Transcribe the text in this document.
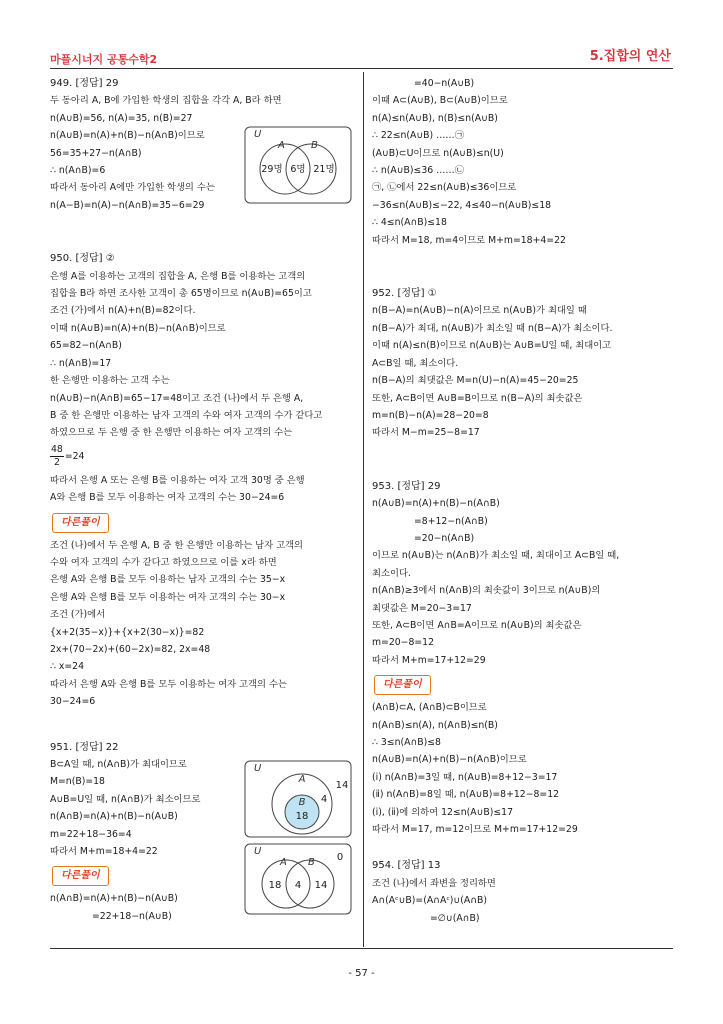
마플시너지 공통수학2	5.집합의 연산
949. [정답] 29
두 동아리 A, B에 가입한 학생의 집합을 각각 A, B라 하면
n(A∪B)=56, n(A)=35, n(B)=27
n(A∪B)=n(A)+n(B)−n(A∩B)이므로
56=35+27−n(A∩B)
∴ n(A∩B)=6
따라서 동아리 A에만 가입한 학생의 수는
n(A−B)=n(A)−n(A∩B)=35−6=29
950. [정답] ②
은행 A를 이용하는 고객의 집합을 A, 은행 B를 이용하는 고객의
집합을 B라 하면 조사한 고객이 총 65명이므로 n(A∪B)=65이고
조건 (가)에서 n(A)+n(B)=82이다.
이때 n(A∪B)=n(A)+n(B)−n(A∩B)이므로
65=82−n(A∩B)
∴ n(A∩B)=17
한 은행만 이용하는 고객 수는
n(A∪B)−n(A∩B)=65−17=48이고 조건 (나)에서 두 은행 A,
B 중 한 은행만 이용하는 남자 고객의 수와 여자 고객의 수가 같다고
하였으므로 두 은행 중 한 은행만 이용하는 여자 고객의 수는
$\frac{48}{2} =24$
따라서 은행 A 또는 은행 B를 이용하는 여자 고객 30명 중 은행
A와 은행 B를 모두 이용하는 여자 고객의 수는 30−24=6
다른풀이
조건 (나)에서 두 은행 A, B 중 한 은행만 이용하는 남자 고객의
수와 여자 고객의 수가 같다고 하였으므로 이를 x라 하면
은행 A와 은행 B를 모두 이용하는 남자 고객의 수는 35−x
은행 A와 은행 B를 모두 이용하는 여자 고객의 수는 30−x
조건 (가)에서
{x+2(35−x)}+{x+2(30−x)}=82
2x+(70−2x)+(60−2x)=82, 2x=48
∴ x=24
따라서 은행 A와 은행 B를 모두 이용하는 여자 고객의 수는
30−24=6
951. [정답] 22
B⊂A일 때, n(A∩B)가 최대이므로
M=n(B)=18
A∪B=U일 때, n(A∩B)가 최소이므로
n(A∩B)=n(A)+n(B)−n(A∪B)
m=22+18−36=4
따라서 M+m=18+4=22
다른풀이
n(A∩B)=n(A)+n(B)−n(A∪B)
=22+18−n(A∪B)
U
A	B
29명 6명 21명
U
A
B
18
4
14
U
A B
18 4 14
0
=40−n(A∪B)
이때 A⊂(A∪B), B⊂(A∪B)이므로
n(A)≤n(A∪B), n(B)≤n(A∪B)
∴ 22≤n(A∪B) ……㉠
(A∪B)⊂U이므로 n(A∪B)≤n(U)
∴ n(A∪B)≤36 ……㉡
㉠, ㉡에서 22≤n(A∪B)≤36이므로
−36≤n(A∪B)≤−22, 4≤40−n(A∪B)≤18
∴ 4≤n(A∩B)≤18
따라서 M=18, m=4이므로 M+m=18+4=22
952. [정답] ①
n(B−A)=n(A∪B)−n(A)이므로 n(A∪B)가 최대일 때
n(B−A)가 최대, n(A∪B)가 최소일 때 n(B−A)가 최소이다.
이때 n(A)≤n(B)이므로 n(A∪B)는 A∪B=U일 때, 최대이고
A⊂B일 때, 최소이다.
n(B−A)의 최댓값은 M=n(U)−n(A)=45−20=25
또한, A⊂B이면 A∪B=B이므로 n(B−A)의 최솟값은
m=n(B)−n(A)=28−20=8
따라서 M−m=25−8=17
953. [정답] 29
n(A∪B)=n(A)+n(B)−n(A∩B)
=8+12−n(A∩B)
=20−n(A∩B)
이므로 n(A∪B)는 n(A∩B)가 최소일 때, 최대이고 A⊂B일 때,
최소이다.
n(A∩B)≥3에서 n(A∩B)의 최솟값이 3이므로 n(A∪B)의
최댓값은 M=20−3=17
또한, A⊂B이면 A∩B=A이므로 n(A∪B)의 최솟값은
m=20−8=12
따라서 M+m=17+12=29
다른풀이
(A∩B)⊂A, (A∩B)⊂B이므로
n(A∩B)≤n(A), n(A∩B)≤n(B)
∴ 3≤n(A∩B)≤8
n(A∪B)=n(A)+n(B)−n(A∩B)이므로
(ⅰ) n(A∩B)=3일 때, n(A∪B)=8+12−3=17
(ⅱ) n(A∩B)=8일 때, n(A∪B)=8+12−8=12
(ⅰ), (ⅱ)에 의하여 12≤n(A∪B)≤17
따라서 M=17, m=12이므로 M+m=17+12=29
954. [정답] 13
조건 (나)에서 좌변을 정리하면
A∩(Aᶜ∪B)=(A∩Aᶜ)∪(A∩B)
=∅∪(A∩B)
- 57 -
